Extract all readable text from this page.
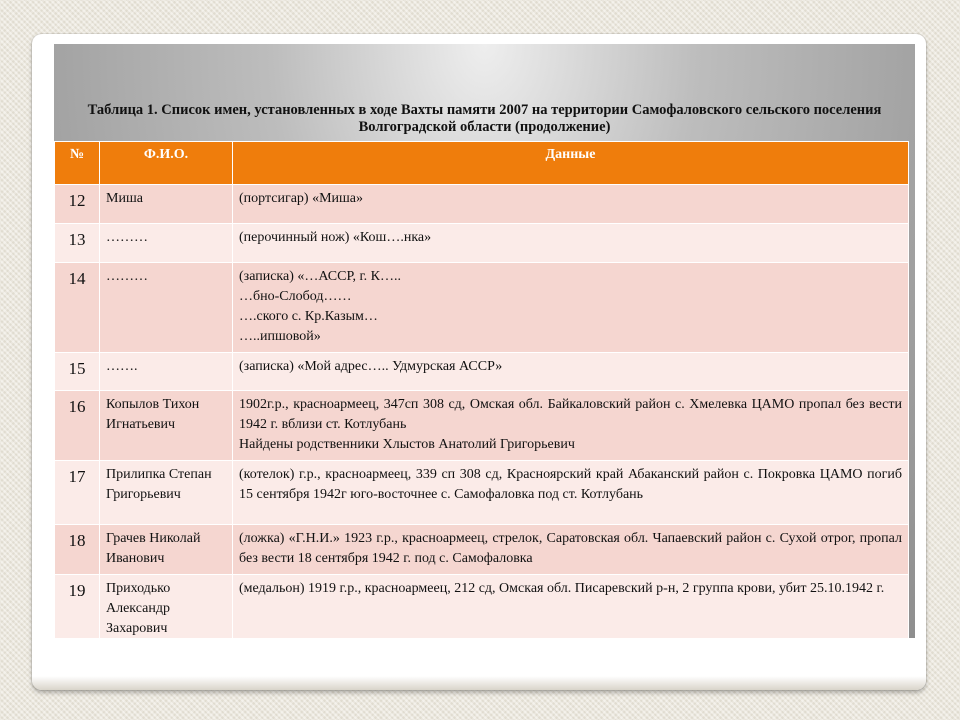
Таблица 1. Список имен, установленных в ходе Вахты памяти 2007 на территории Самофаловского сельского поселения Волгоградской области (продолжение)
№	Ф.И.О.	Данные
12	Миша	(портсигар) «Миша»

13	………	(перочинный нож) «Кош….нка»

14	………	(записка) «…АССР, г. К…..
…бно-Слобод……
….ского с. Кр.Казым…
…..ипшовой»

15	…….	(записка) «Мой адрес….. Удмурская АССР»

16	Копылов Тихон Игнатьевич	1902г.р., красноармеец, 347сп 308 сд, Омская обл. Байкаловский район с. Хмелевка ЦАМО пропал без вести 1942 г. вблизи ст. Котлубань
Найдены родственники Хлыстов Анатолий Григорьевич

17	Прилипка Степан Григорьевич	(котелок) г.р., красноармеец, 339 сп 308 сд, Красноярский край Абаканский район с. Покровка ЦАМО погиб 15 сентября 1942г юго-восточнее с. Самофаловка под ст. Котлубань

18	Грачев Николай Иванович	(ложка) «Г.Н.И.» 1923 г.р., красноармеец, стрелок, Саратовская обл. Чапаевский район с. Сухой отрог, пропал без вести 18 сентября 1942 г. под с. Самофаловка

19	Приходько Александр Захарович	(медальон) 1919 г.р., красноармеец, 212 сд, Омская обл. Писаревский р-н, 2 группа крови, убит 25.10.1942 г.
